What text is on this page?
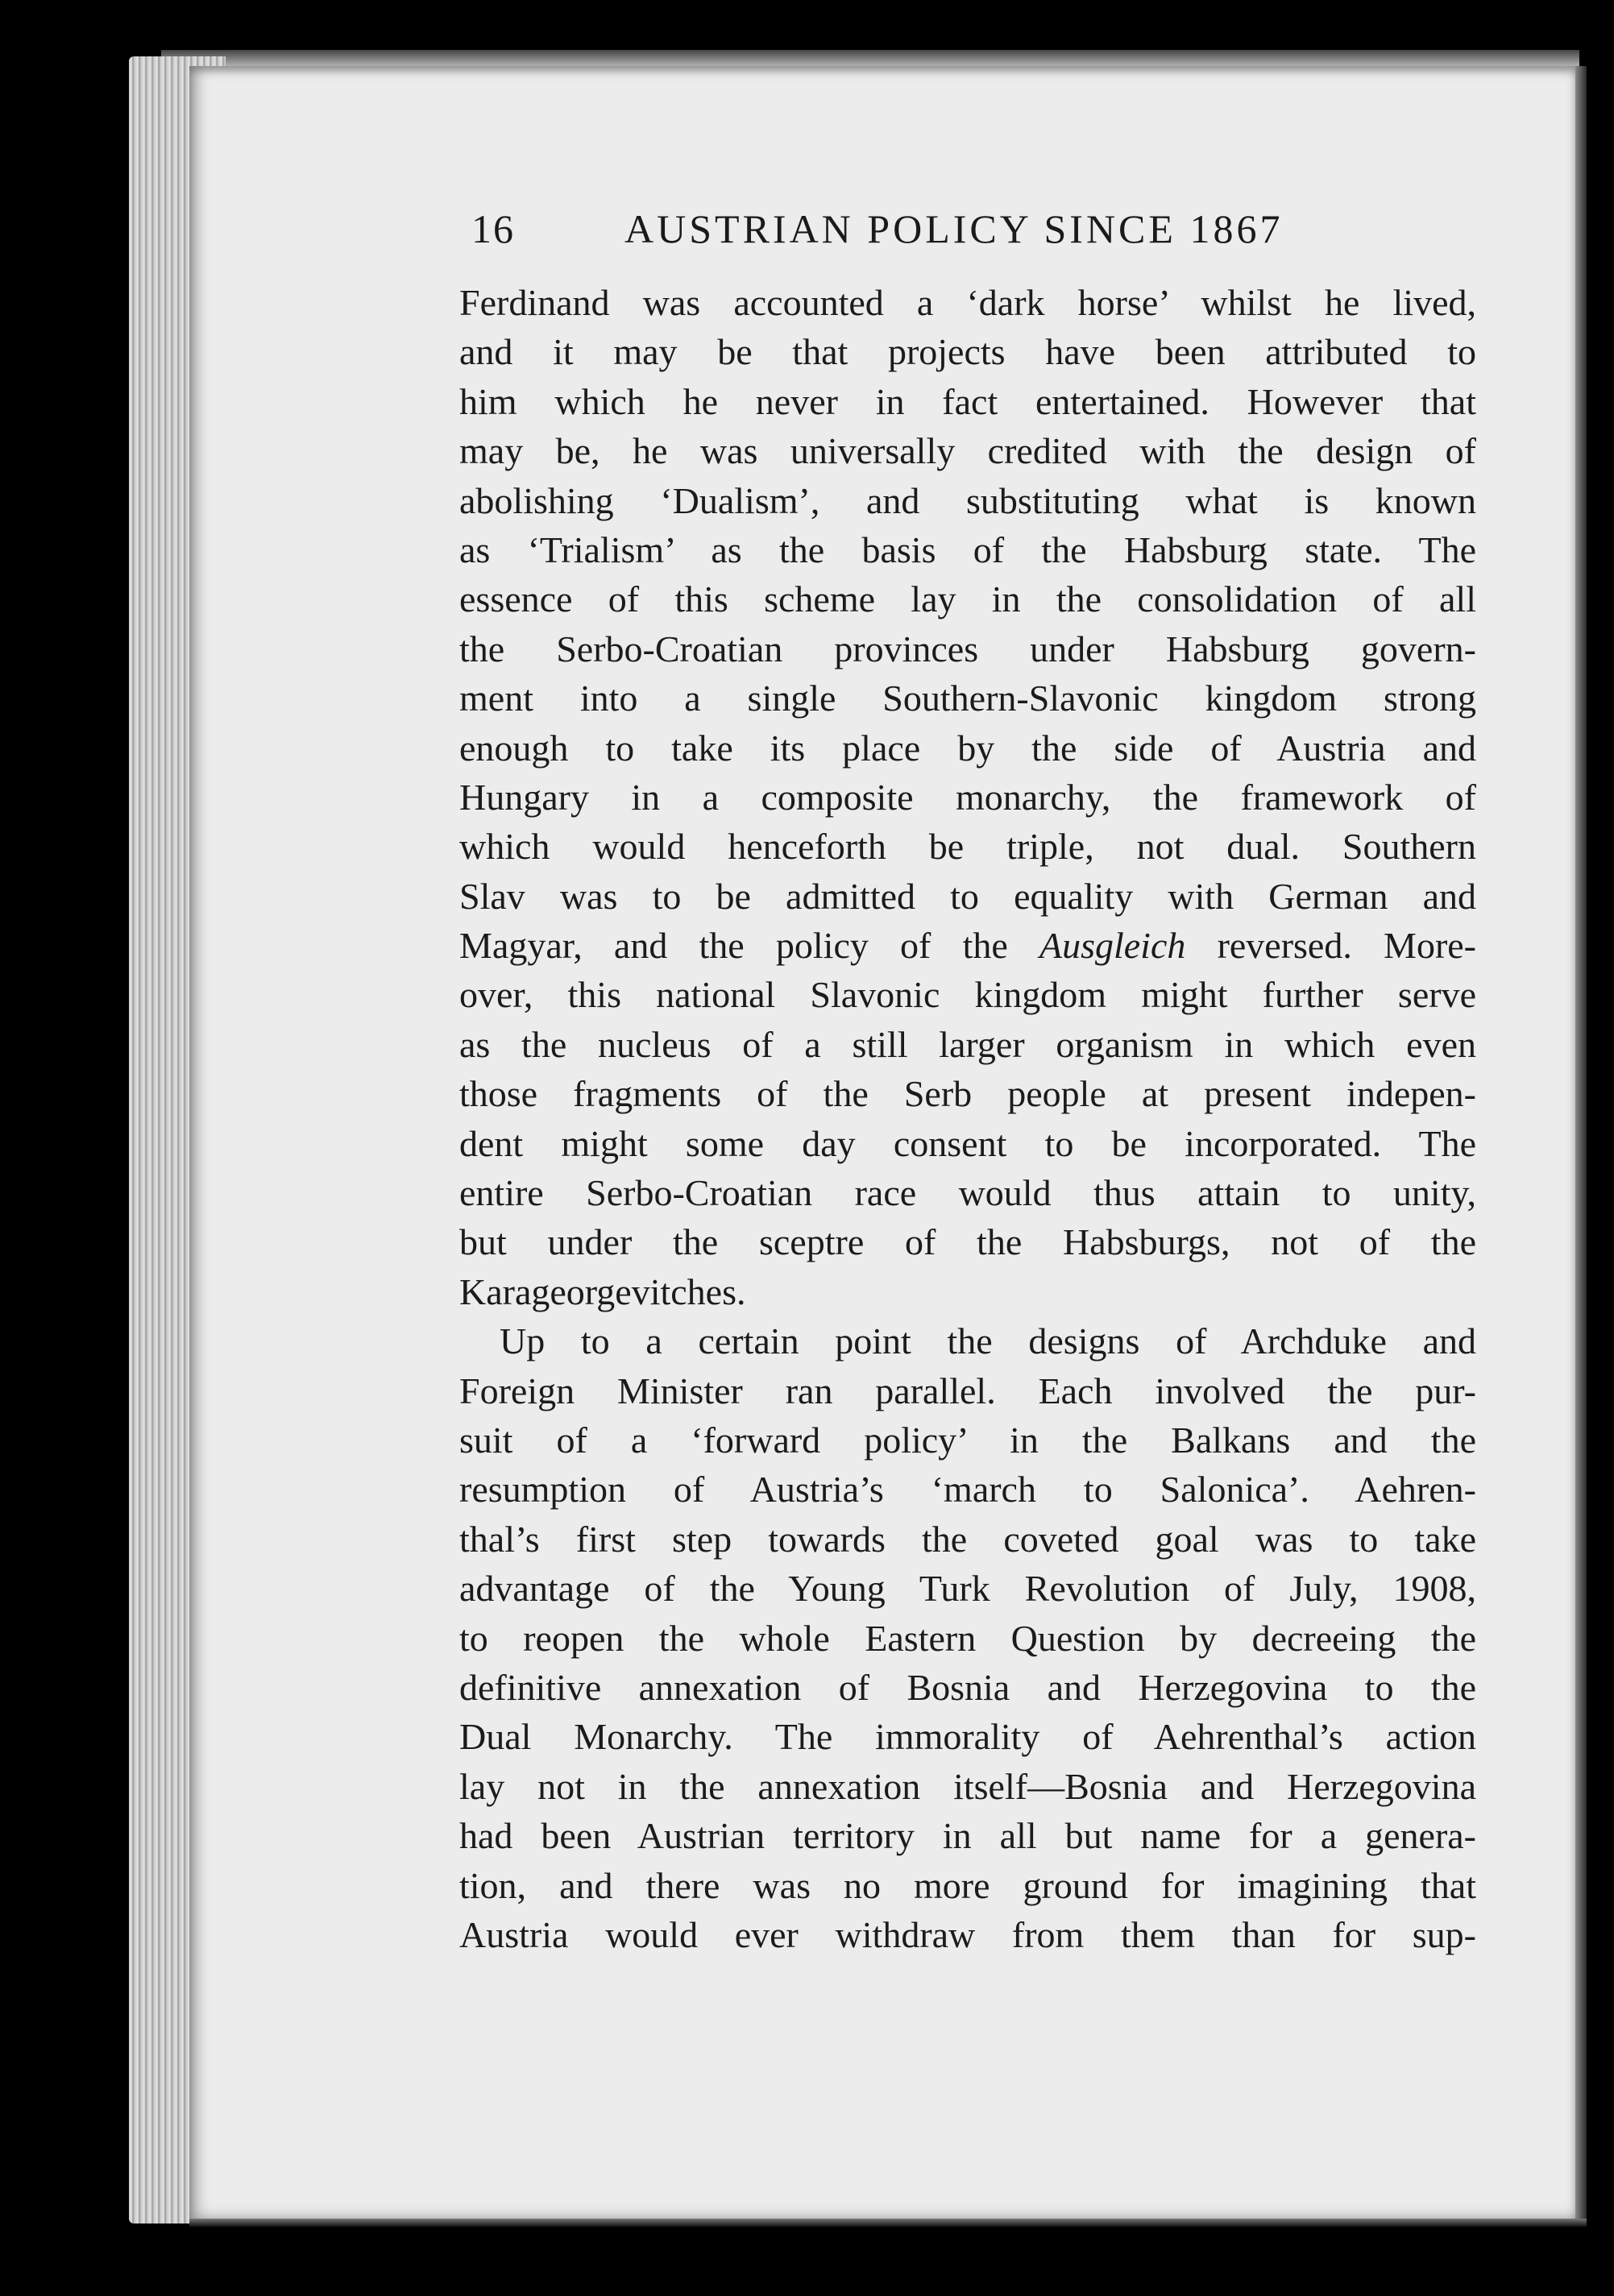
16	AUSTRIAN POLICY SINCE 1867
Ferdinand was accounted a ‘dark horse’ whilst he lived,
and it may be that projects have been attributed to
him which he never in fact entertained. However that
may be, he was universally credited with the design of
abolishing ‘Dualism’, and substituting what is known
as ‘Trialism’ as the basis of the Habsburg state. The
essence of this scheme lay in the consolidation of all
the Serbo-Croatian provinces under Habsburg govern-
ment into a single Southern-Slavonic kingdom strong
enough to take its place by the side of Austria and
Hungary in a composite monarchy, the framework of
which would henceforth be triple, not dual. Southern
Slav was to be admitted to equality with German and
Magyar, and the policy of the Ausgleich reversed. More-
over, this national Slavonic kingdom might further serve
as the nucleus of a still larger organism in which even
those fragments of the Serb people at present indepen-
dent might some day consent to be incorporated. The
entire Serbo-Croatian race would thus attain to unity,
but under the sceptre of the Habsburgs, not of the
Karageorgevitches.
Up to a certain point the designs of Archduke and
Foreign Minister ran parallel. Each involved the pur-
suit of a ‘forward policy’ in the Balkans and the
resumption of Austria’s ‘march to Salonica’. Aehren-
thal’s first step towards the coveted goal was to take
advantage of the Young Turk Revolution of July, 1908,
to reopen the whole Eastern Question by decreeing the
definitive annexation of Bosnia and Herzegovina to the
Dual Monarchy. The immorality of Aehrenthal’s action
lay not in the annexation itself—Bosnia and Herzegovina
had been Austrian territory in all but name for a genera-
tion, and there was no more ground for imagining that
Austria would ever withdraw from them than for sup-
